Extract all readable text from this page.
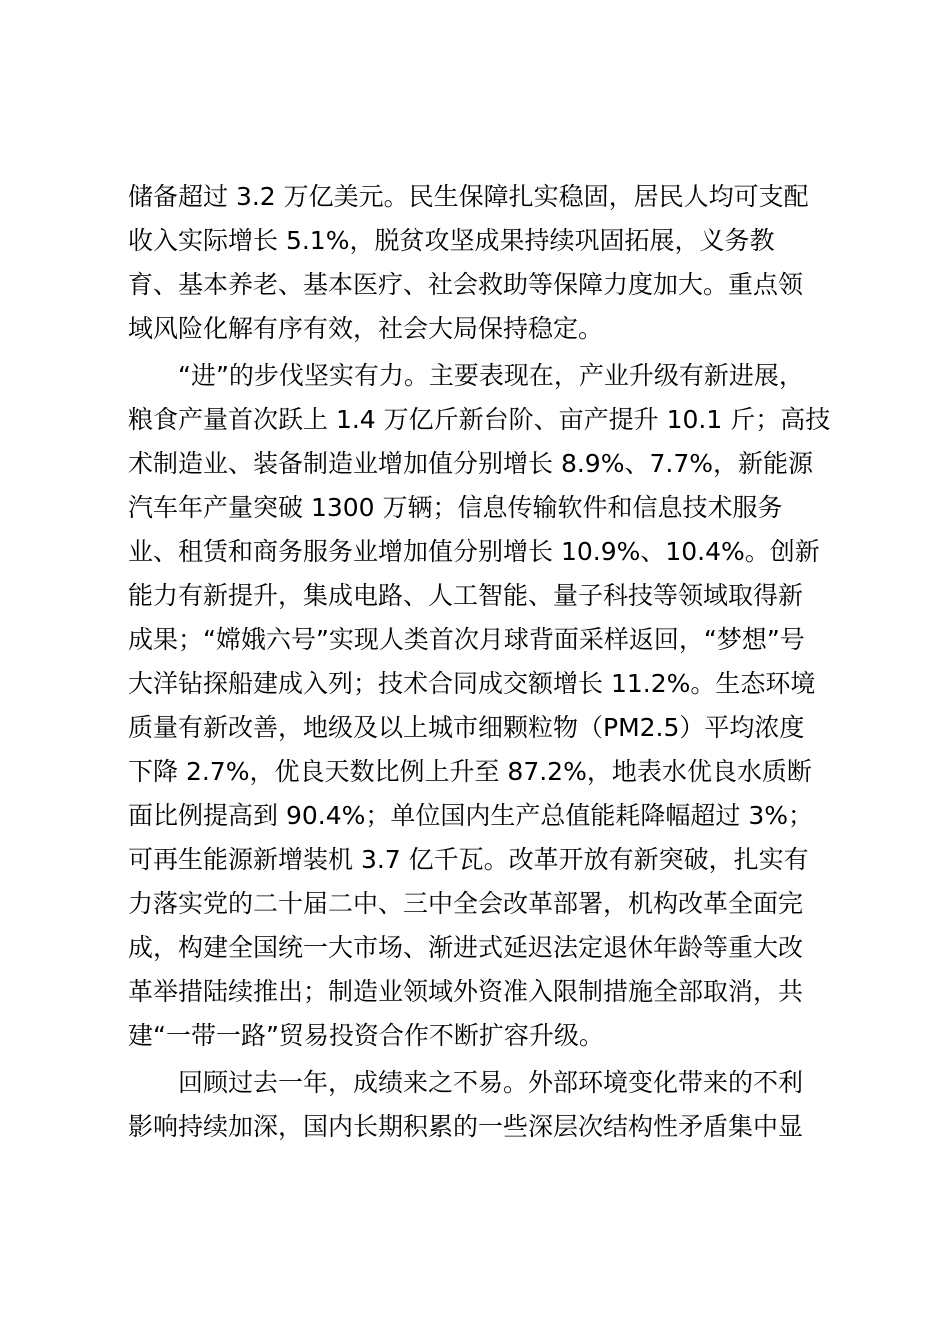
储备超过 3.2 万亿美元。民生保障扎实稳固，居民人均可支配
收入实际增长 5.1%，脱贫攻坚成果持续巩固拓展，义务教
育、基本养老、基本医疗、社会救助等保障力度加大。重点领
域风险化解有序有效，社会大局保持稳定。
“进”的步伐坚实有力。主要表现在，产业升级有新进展，
粮食产量首次跃上 1.4 万亿斤新台阶、亩产提升 10.1 斤；高技
术制造业、装备制造业增加值分别增长 8.9%、7.7%，新能源
汽车年产量突破 1300 万辆；信息传输软件和信息技术服务
业、租赁和商务服务业增加值分别增长 10.9%、10.4%。创新
能力有新提升，集成电路、人工智能、量子科技等领域取得新
成果；“嫦娥六号”实现人类首次月球背面采样返回，“梦想”号
大洋钻探船建成入列；技术合同成交额增长 11.2%。生态环境
质量有新改善，地级及以上城市细颗粒物（PM2.5）平均浓度
下降 2.7%，优良天数比例上升至 87.2%，地表水优良水质断
面比例提高到 90.4%；单位国内生产总值能耗降幅超过 3%；
可再生能源新增装机 3.7 亿千瓦。改革开放有新突破，扎实有
力落实党的二十届二中、三中全会改革部署，机构改革全面完
成，构建全国统一大市场、渐进式延迟法定退休年龄等重大改
革举措陆续推出；制造业领域外资准入限制措施全部取消，共
建“一带一路”贸易投资合作不断扩容升级。
回顾过去一年，成绩来之不易。外部环境变化带来的不利
影响持续加深，国内长期积累的一些深层次结构性矛盾集中显
